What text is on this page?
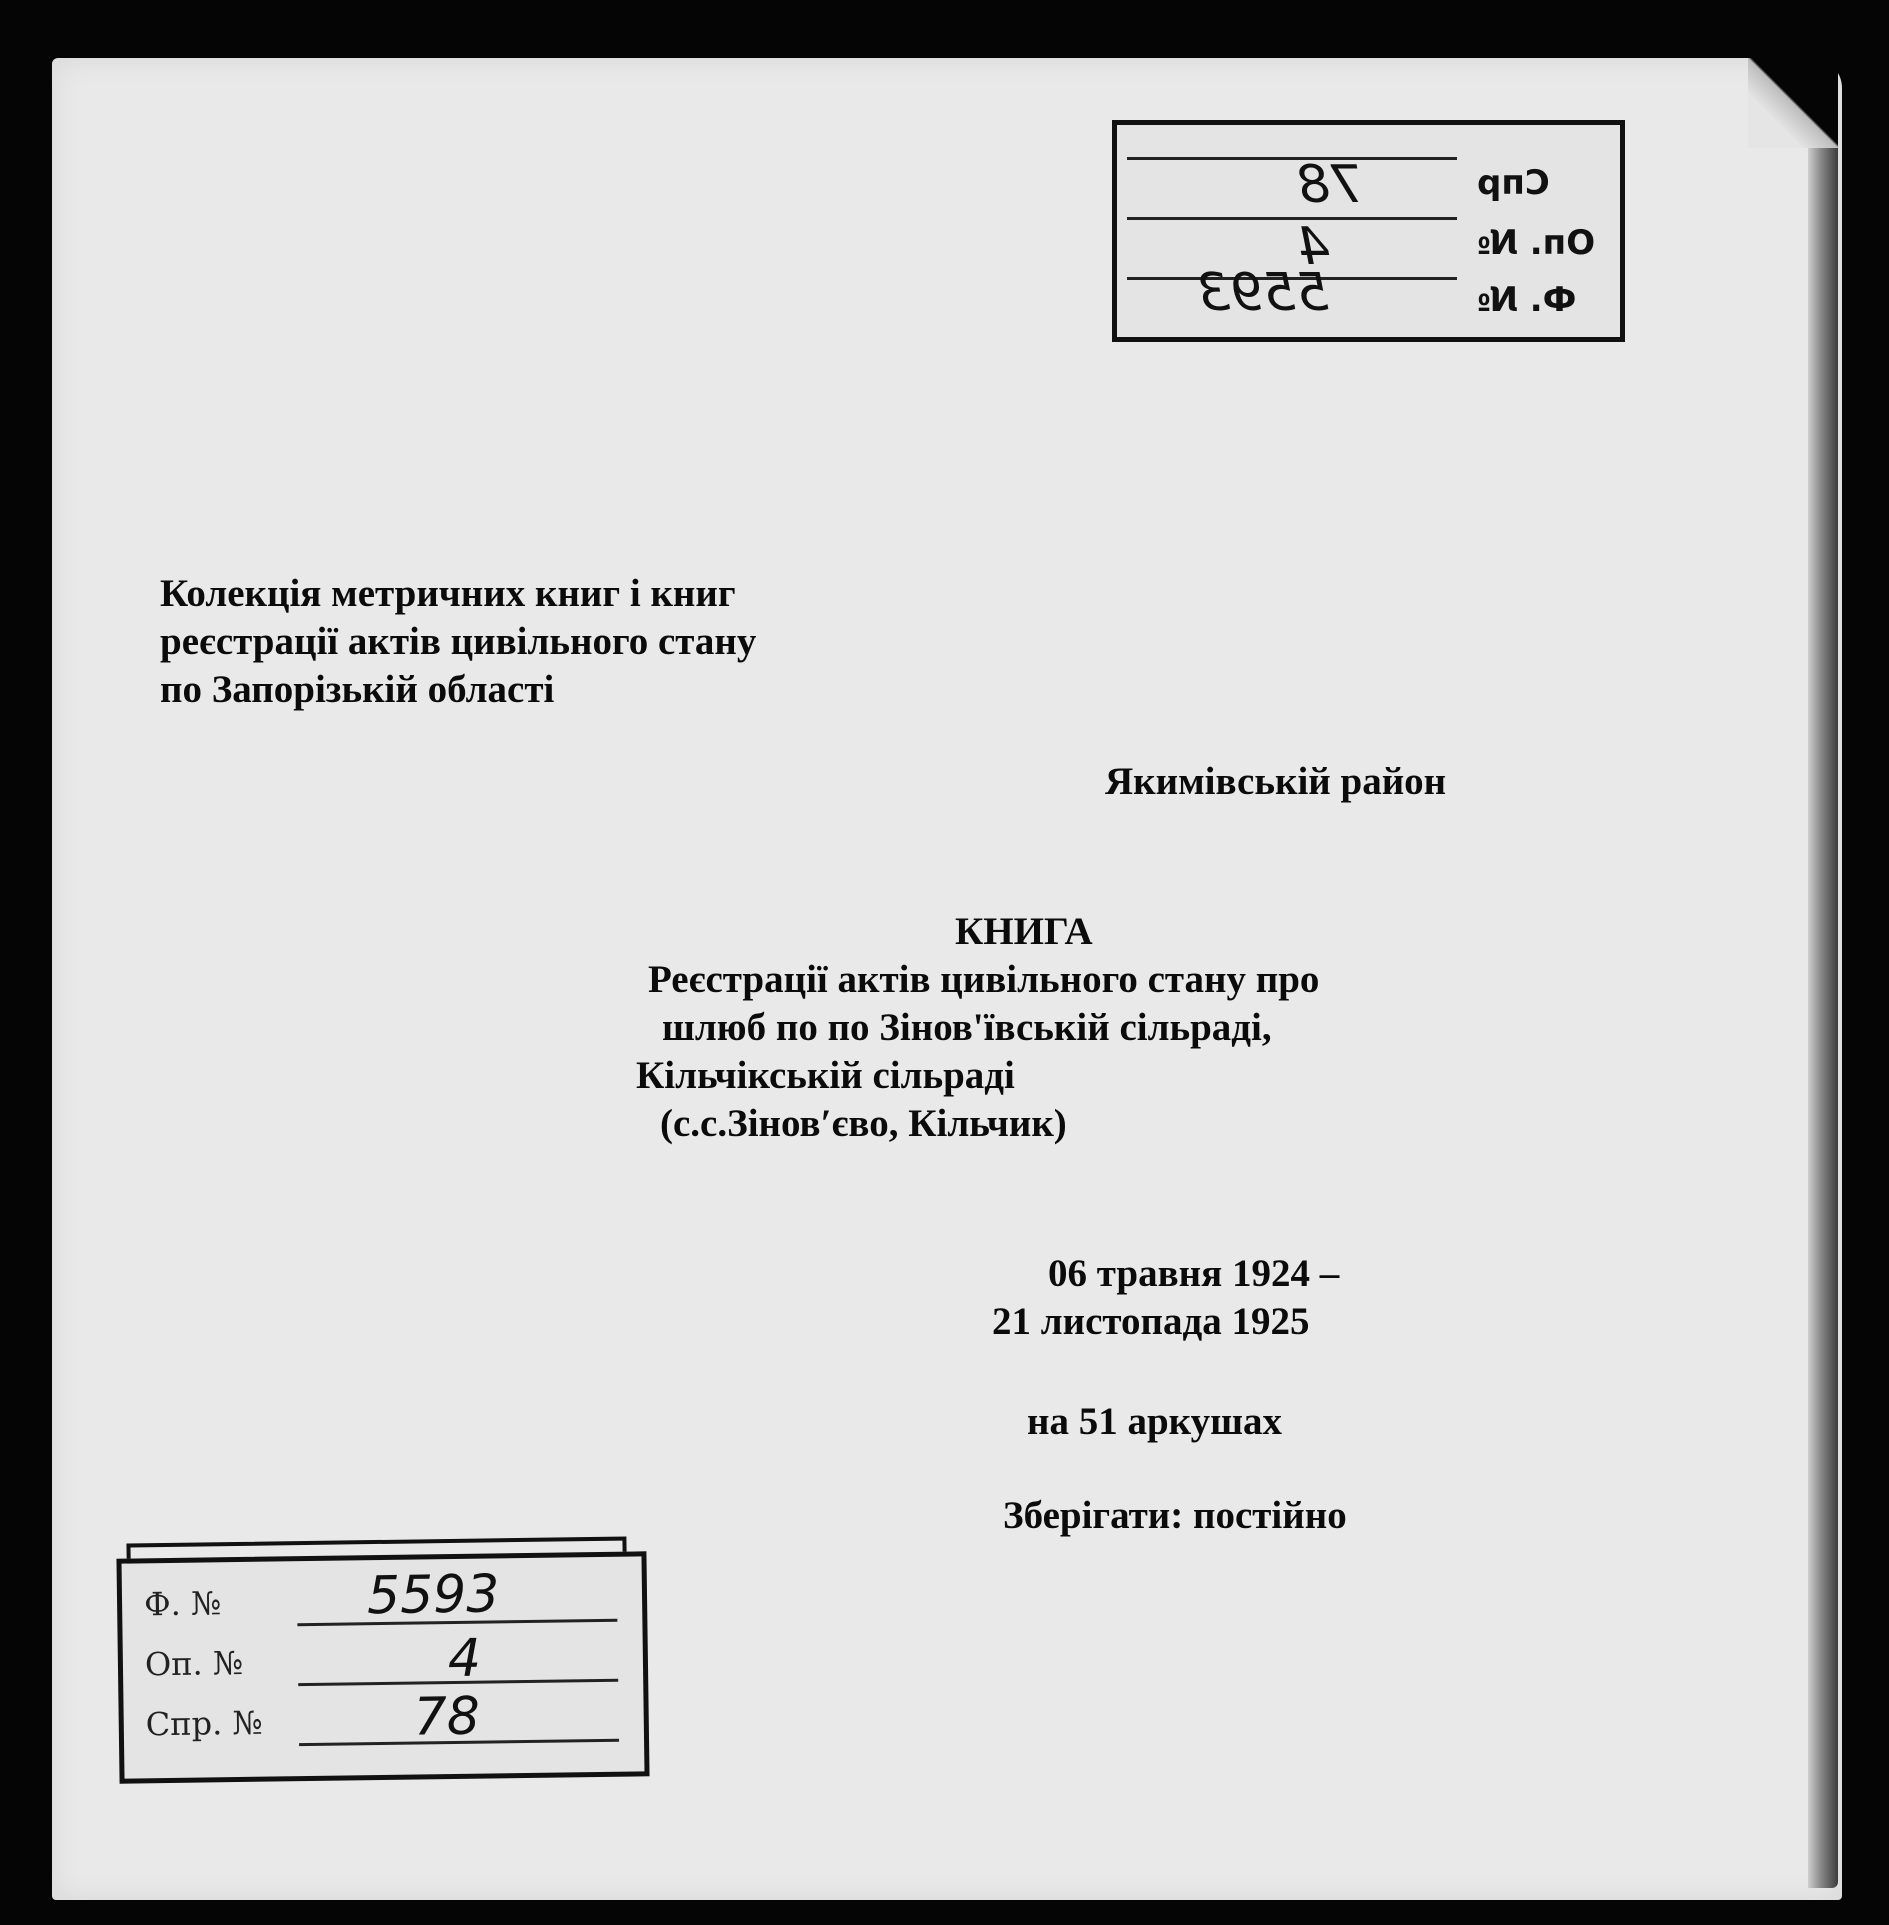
78
4
5593
Спр
Оп. №
Ф. №
Колекція метричних книг і книг
реєстрації актів цивільного стану
по Запорізькій області
Якимівській район
КНИГА
Реєстрації актів цивільного стану про
шлюб по по Зінов'ївській сільраді,
Кільчікській сільраді
(с.с.Зінов′єво, Кільчик)
06 травня 1924 –
21 листопада 1925
на 51 аркушах
Зберігати: постійно
Ф. №
Оп. №
Спр. №
5593
4
78
